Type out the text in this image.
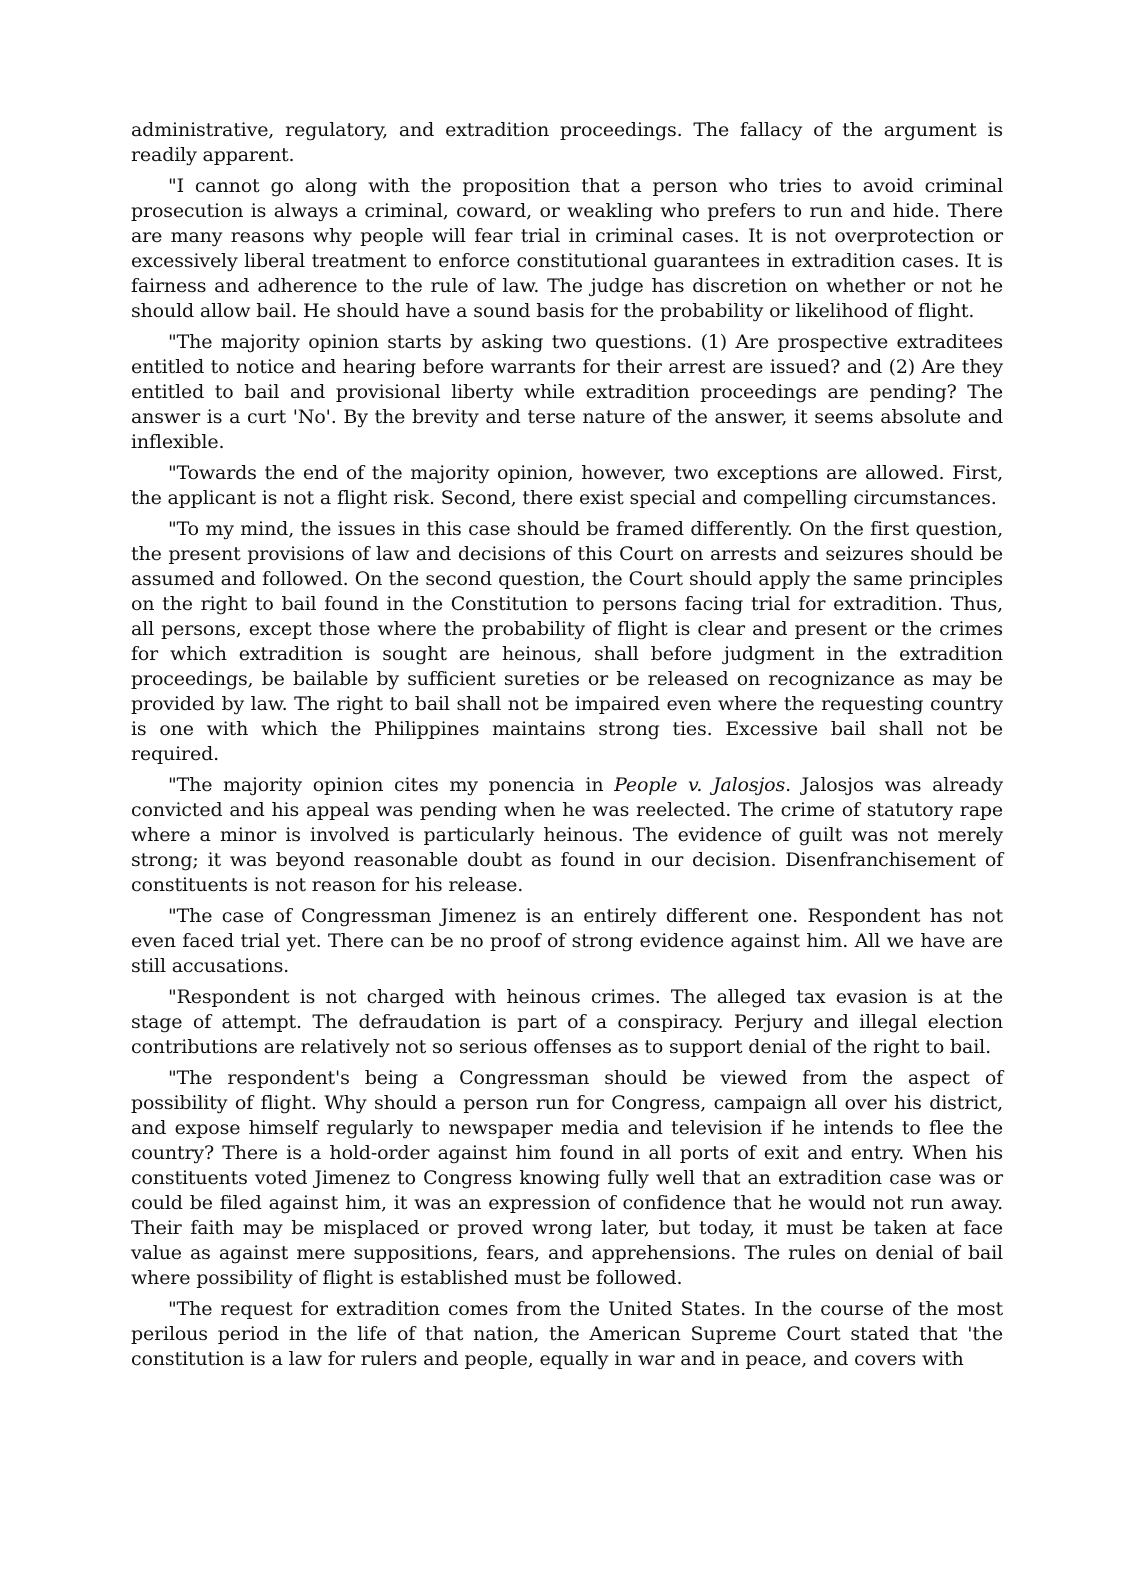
administrative, regulatory, and extradition proceedings. The fallacy of the argument is readily apparent.

"I cannot go along with the proposition that a person who tries to avoid criminal prosecution is always a criminal, coward, or weakling who prefers to run and hide. There are many reasons why people will fear trial in criminal cases. It is not overprotection or excessively liberal treatment to enforce constitutional guarantees in extradition cases. It is fairness and adherence to the rule of law. The judge has discretion on whether or not he should allow bail. He should have a sound basis for the probability or likelihood of flight.

"The majority opinion starts by asking two questions. (1) Are prospective extraditees entitled to notice and hearing before warrants for their arrest are issued? and (2) Are they entitled to bail and provisional liberty while extradition proceedings are pending? The answer is a curt 'No'. By the brevity and terse nature of the answer, it seems absolute and inflexible.

"Towards the end of the majority opinion, however, two exceptions are allowed. First, the applicant is not a flight risk. Second, there exist special and compelling circumstances.

"To my mind, the issues in this case should be framed differently. On the first question, the present provisions of law and decisions of this Court on arrests and seizures should be assumed and followed. On the second question, the Court should apply the same principles on the right to bail found in the Constitution to persons facing trial for extradition. Thus, all persons, except those where the probability of flight is clear and present or the crimes for which extradition is sought are heinous, shall before judgment in the extradition proceedings, be bailable by sufficient sureties or be released on recognizance as may be provided by law. The right to bail shall not be impaired even where the requesting country is one with which the Philippines maintains strong ties. Excessive bail shall not be required.

"The majority opinion cites my ponencia in People v. Jalosjos. Jalosjos was already convicted and his appeal was pending when he was reelected. The crime of statutory rape where a minor is involved is particularly heinous. The evidence of guilt was not merely strong; it was beyond reasonable doubt as found in our decision. Disenfranchisement of constituents is not reason for his release.

"The case of Congressman Jimenez is an entirely different one. Respondent has not even faced trial yet. There can be no proof of strong evidence against him. All we have are still accusations.

"Respondent is not charged with heinous crimes. The alleged tax evasion is at the stage of attempt. The defraudation is part of a conspiracy. Perjury and illegal election contributions are relatively not so serious offenses as to support denial of the right to bail.

"The respondent's being a Congressman should be viewed from the aspect of possibility of flight. Why should a person run for Congress, campaign all over his district, and expose himself regularly to newspaper media and television if he intends to flee the country? There is a hold-order against him found in all ports of exit and entry. When his constituents voted Jimenez to Congress knowing fully well that an extradition case was or could be filed against him, it was an expression of confidence that he would not run away. Their faith may be misplaced or proved wrong later, but today, it must be taken at face value as against mere suppositions, fears, and apprehensions. The rules on denial of bail where possibility of flight is established must be followed.

"The request for extradition comes from the United States. In the course of the most perilous period in the life of that nation, the American Supreme Court stated that 'the constitution is a law for rulers and people, equally in war and in peace, and covers with
